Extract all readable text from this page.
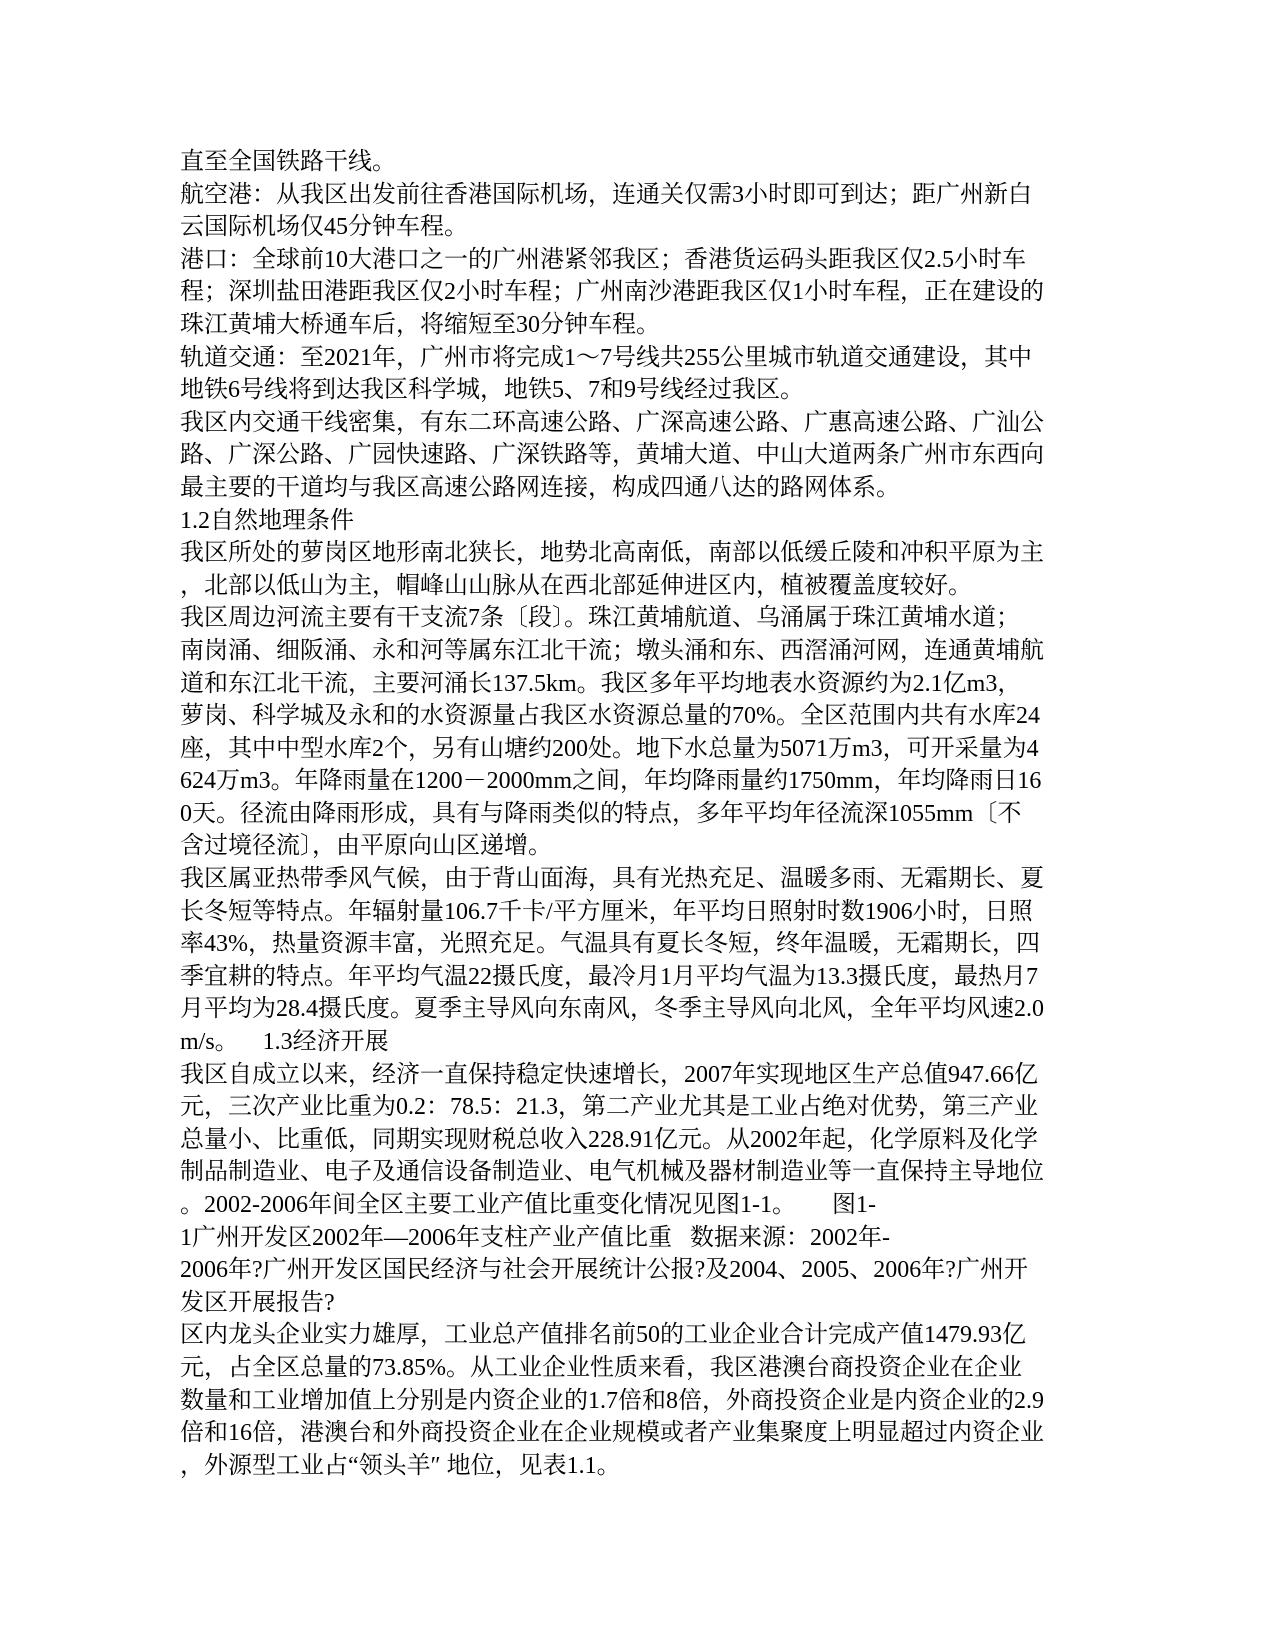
直至全国铁路干线。
航空港：从我区出发前往香港国际机场，连通关仅需3小时即可到达；距广州新白
云国际机场仅45分钟车程。
港口：全球前10大港口之一的广州港紧邻我区；香港货运码头距我区仅2.5小时车
程；深圳盐田港距我区仅2小时车程；广州南沙港距我区仅1小时车程，正在建设的
珠江黄埔大桥通车后，将缩短至30分钟车程。
轨道交通：至2021年，广州市将完成1～7号线共255公里城市轨道交通建设，其中
地铁6号线将到达我区科学城，地铁5、7和9号线经过我区。
我区内交通干线密集，有东二环高速公路、广深高速公路、广惠高速公路、广汕公
路、广深公路、广园快速路、广深铁路等，黄埔大道、中山大道两条广州市东西向
最主要的干道均与我区高速公路网连接，构成四通八达的路网体系。
1.2自然地理条件
我区所处的萝岗区地形南北狭长，地势北高南低，南部以低缓丘陵和冲积平原为主
，北部以低山为主，帽峰山山脉从在西北部延伸进区内，植被覆盖度较好。
我区周边河流主要有干支流7条〔段〕。珠江黄埔航道、乌涌属于珠江黄埔水道；
南岗涌、细阪涌、永和河等属东江北干流；墩头涌和东、西滘涌河网，连通黄埔航
道和东江北干流，主要河涌长137.5km。我区多年平均地表水资源约为2.1亿m3，
萝岗、科学城及永和的水资源量占我区水资源总量的70%。全区范围内共有水库24
座，其中中型水库2个，另有山塘约200处。地下水总量为5071万m3，可开采量为4
624万m3。年降雨量在1200－2000mm之间，年均降雨量约1750mm，年均降雨日16
0天。径流由降雨形成，具有与降雨类似的特点，多年平均年径流深1055mm〔不
含过境径流〕，由平原向山区递增。
我区属亚热带季风气候，由于背山面海，具有光热充足、温暖多雨、无霜期长、夏
长冬短等特点。年辐射量106.7千卡/平方厘米，年平均日照射时数1906小时，日照
率43%，热量资源丰富，光照充足。气温具有夏长冬短，终年温暖，无霜期长，四
季宜耕的特点。年平均气温22摄氏度，最冷月1月平均气温为13.3摄氏度，最热月7
月平均为28.4摄氏度。夏季主导风向东南风，冬季主导风向北风，全年平均风速2.0
m/s。    1.3经济开展
我区自成立以来，经济一直保持稳定快速增长，2007年实现地区生产总值947.66亿
元，三次产业比重为0.2：78.5：21.3，第二产业尤其是工业占绝对优势，第三产业
总量小、比重低，同期实现财税总收入228.91亿元。从2002年起，化学原料及化学
制品制造业、电子及通信设备制造业、电气机械及器材制造业等一直保持主导地位
。2002-2006年间全区主要工业产值比重变化情况见图1-1。      图1-
1广州开发区2002年—2006年支柱产业产值比重   数据来源：2002年-
2006年?广州开发区国民经济与社会开展统计公报?及2004、2005、2006年?广州开
发区开展报告?
区内龙头企业实力雄厚，工业总产值排名前50的工业企业合计完成产值1479.93亿
元，占全区总量的73.85%。从工业企业性质来看，我区港澳台商投资企业在企业
数量和工业增加值上分别是内资企业的1.7倍和8倍，外商投资企业是内资企业的2.9
倍和16倍，港澳台和外商投资企业在企业规模或者产业集聚度上明显超过内资企业
，外源型工业占“领头羊″ 地位，见表1.1。
